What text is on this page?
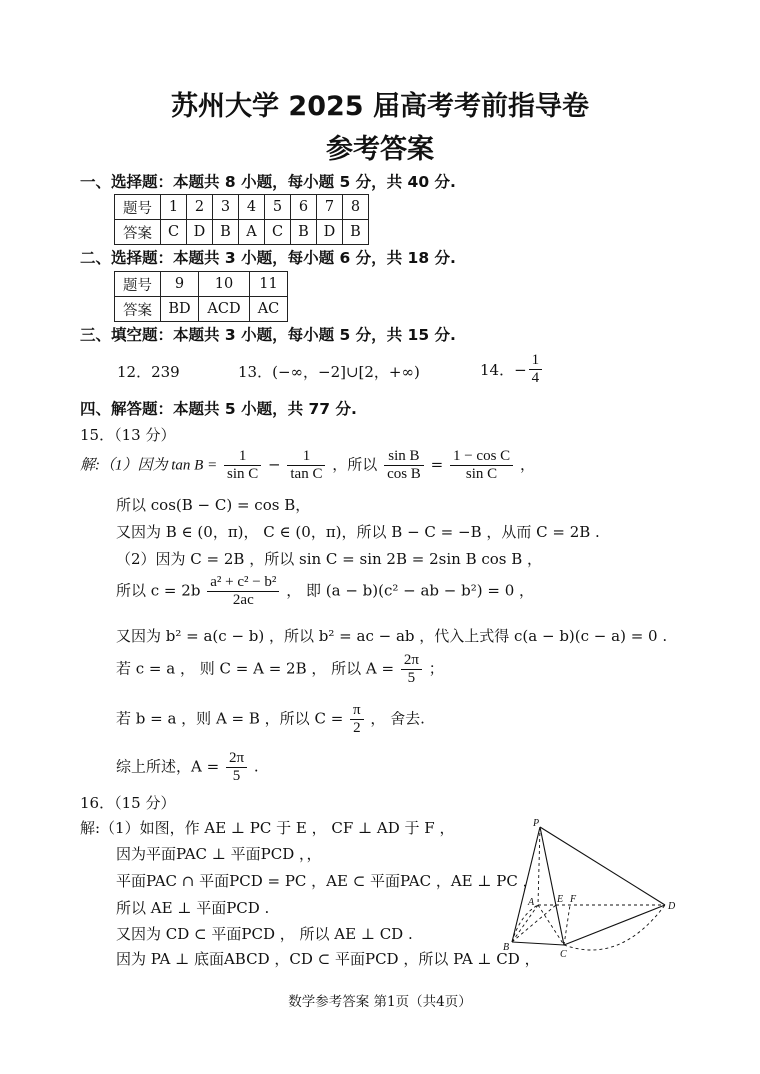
苏州大学 2025 届高考考前指导卷
参考答案
一、选择题：本题共 8 小题，每小题 5 分，共 40 分.
题号	1	2	3	4	5	6	7	8
答案	C	D	B	A	C	B	D	B
二、选择题：本题共 3 小题，每小题 6 分，共 18 分.
题号	9	10	11
答案	BD	ACD	AC
三、填空题：本题共 3 小题，每小题 5 分，共 15 分.
12．239	13．(−∞，−2]∪[2，+∞)	14．− $\frac{1}{4}$
四、解答题：本题共 5 小题，共 77 分.
15．（13 分）
解:（1）因为 $\tan B = \frac{1}{\text{sin C}} - \frac{1}{\text{tan C}}$ ，所以 $\frac{\text{sin B}}{\text{cos B}} = \frac{\text{1 − cos C}}{\text{sin C}}$ ，
所以 cos(B − C) = cos B，
又因为 B ∈ (0，π)， C ∈ (0，π)，所以 B − C = −B ，从而 C = 2B .
（2）因为 C = 2B ，所以 sin C = sin 2B = 2sin B cos B ，
所以 $c = 2b \frac{\text{a² + c² − b²}}{2ac}$ ， 即 (a − b)(c² − ab − b²) = 0 ，
又因为 b² = a(c − b) ，所以 b² = ac − ab ，代入上式得 c(a − b)(c − a) = 0 .
若 c = a ， 则 C = A = 2B ， 所以 $A = \frac{2\pi}{5}$ ；
若 b = a ，则 A = B ，所以 $C = \frac{\pi}{2}$ ， 舍去.
综上所述，$A = \frac{2\pi}{5}$ .
16．（15 分）
解:（1）如图，作 AE ⊥ PC 于 E ， CF ⊥ AD 于 F ，
因为平面PAC ⊥ 平面PCD ，，
平面PAC ∩ 平面PCD = PC ，AE ⊂ 平面PAC ，AE ⊥ PC ，
所以 AE ⊥ 平面PCD .
又因为 CD ⊂ 平面PCD ， 所以 AE ⊥ CD .
因为 PA ⊥ 底面ABCD ，CD ⊂ 平面PCD ，所以 PA ⊥ CD ，
P
A
B
C
D
E F
数学参考答案 第1页（共4页）
